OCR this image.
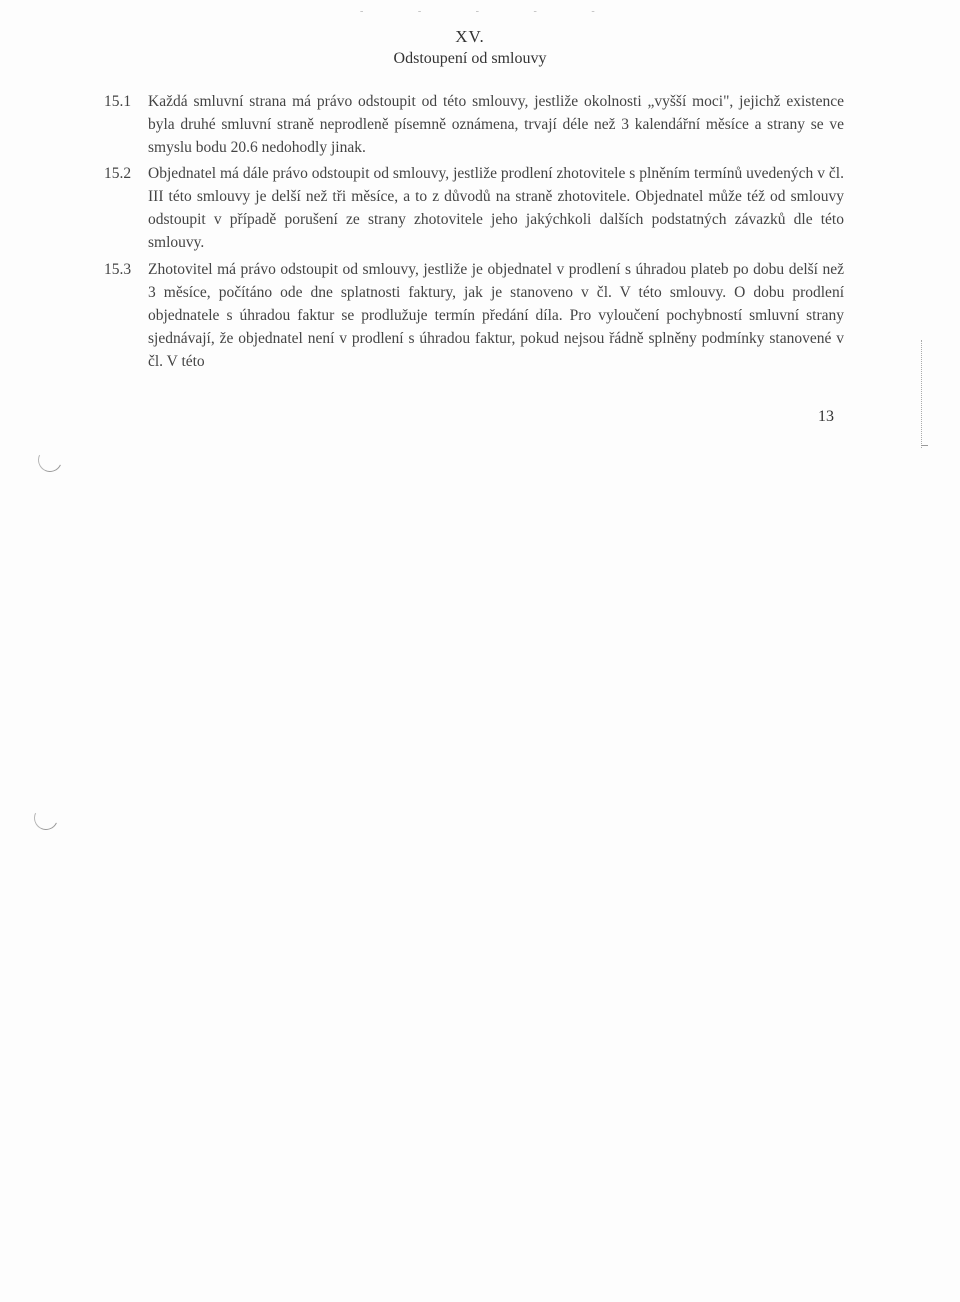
- - - - -
XV.
Odstoupení od smlouvy
15.1	Každá smluvní strana má právo odstoupit od této smlouvy, jestliže okolnosti „vyšší moci", jejichž existence byla druhé smluvní straně neprodleně písemně oznámena, trvají déle než 3 kalendářní měsíce a strany se ve smyslu bodu 20.6 nedohodly jinak.
15.2	Objednatel má dále právo odstoupit od smlouvy, jestliže prodlení zhotovitele s plněním termínů uvedených v čl. III této smlouvy je delší než tři měsíce, a to z důvodů na straně zhotovitele. Objednatel může též od smlouvy odstoupit v případě porušení ze strany zhotovitele jeho jakýchkoli dalších podstatných závazků dle této smlouvy.
15.3	Zhotovitel má právo odstoupit od smlouvy, jestliže je objednatel v prodlení s úhradou plateb po dobu delší než 3 měsíce, počítáno ode dne splatnosti faktury, jak je stanoveno v čl. V této smlouvy. O dobu prodlení objednatele s úhradou faktur se prodlužuje termín předání díla. Pro vyloučení pochybností smluvní strany sjednávají, že objednatel není v prodlení s úhradou faktur, pokud nejsou řádně splněny podmínky stanovené v čl. V této
13
